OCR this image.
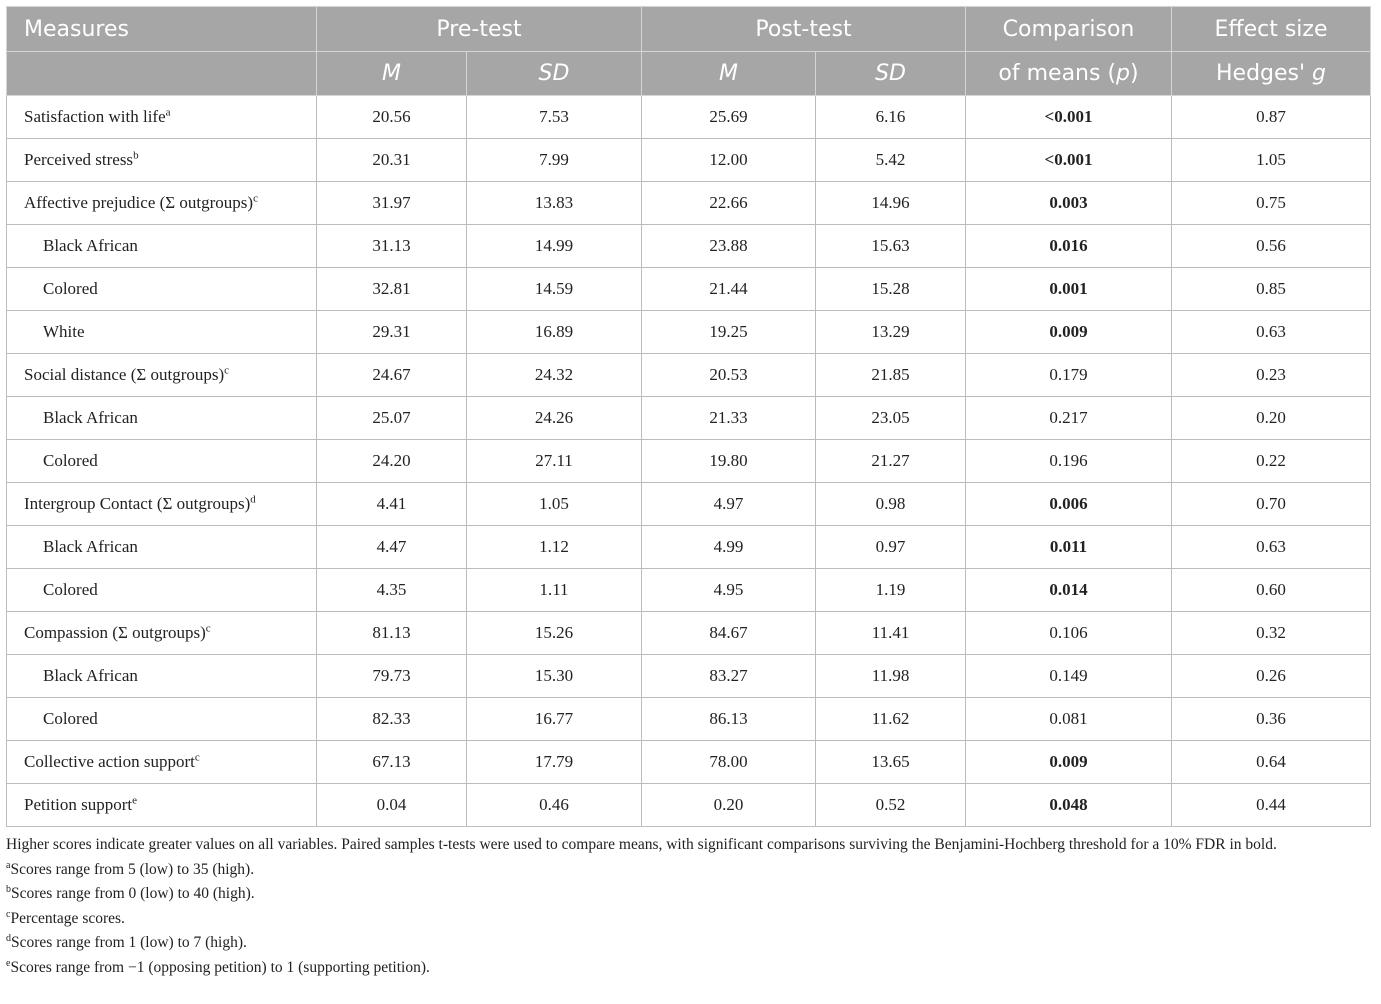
Measures	Pre-test		Post-test		Comparison	Effect size
	M	SD	M	SD	of means (p)	Hedges' g
Satisfaction with life$^a$	20.56	7.53	25.69	6.16	<0.001	0.87
Perceived stress$^b$	20.31	7.99	12.00	5.42	<0.001	1.05
Affective prejudice (Σ outgroups)$^c$	31.97	13.83	22.66	14.96	0.003	0.75
Black African	31.13	14.99	23.88	15.63	0.016	0.56
Colored	32.81	14.59	21.44	15.28	0.001	0.85
White	29.31	16.89	19.25	13.29	0.009	0.63
Social distance (Σ outgroups)$^c$	24.67	24.32	20.53	21.85	0.179	0.23
Black African	25.07	24.26	21.33	23.05	0.217	0.20
Colored	24.20	27.11	19.80	21.27	0.196	0.22
Intergroup Contact (Σ outgroups)$^d$	4.41	1.05	4.97	0.98	0.006	0.70
Black African	4.47	1.12	4.99	0.97	0.011	0.63
Colored	4.35	1.11	4.95	1.19	0.014	0.60
Compassion (Σ outgroups)$^c$	81.13	15.26	84.67	11.41	0.106	0.32
Black African	79.73	15.30	83.27	11.98	0.149	0.26
Colored	82.33	16.77	86.13	11.62	0.081	0.36
Collective action support$^c$	67.13	17.79	78.00	13.65	0.009	0.64
Petition support$^e$	0.04	0.46	0.20	0.52	0.048	0.44
Higher scores indicate greater values on all variables. Paired samples t-tests were used to compare means, with significant comparisons surviving the Benjamini-Hochberg threshold for a 10% FDR in bold.
$^a$Scores range from 5 (low) to 35 (high).
$^b$Scores range from 0 (low) to 40 (high).
$^c$Percentage scores.
$^d$Scores range from 1 (low) to 7 (high).
$^e$Scores range from −1 (opposing petition) to 1 (supporting petition).
